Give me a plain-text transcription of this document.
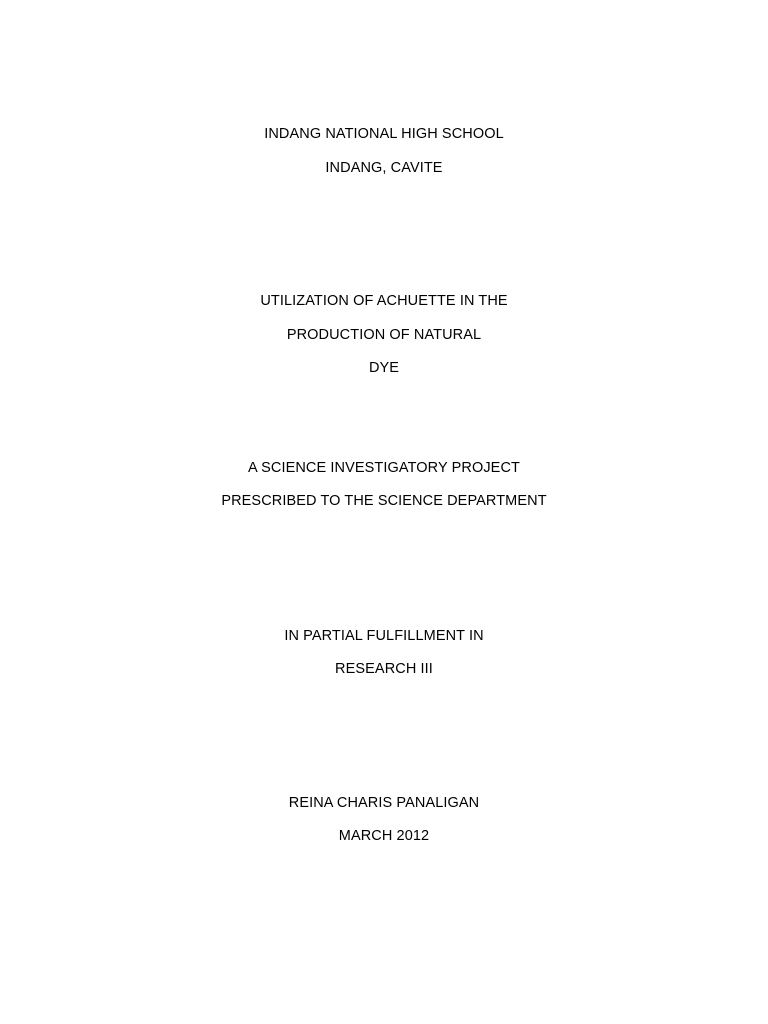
INDANG NATIONAL HIGH SCHOOL
INDANG, CAVITE
UTILIZATION OF ACHUETTE IN THE
PRODUCTION OF NATURAL
DYE
A SCIENCE INVESTIGATORY PROJECT
PRESCRIBED TO THE SCIENCE DEPARTMENT
IN PARTIAL FULFILLMENT IN
RESEARCH III
REINA CHARIS PANALIGAN
MARCH 2012
